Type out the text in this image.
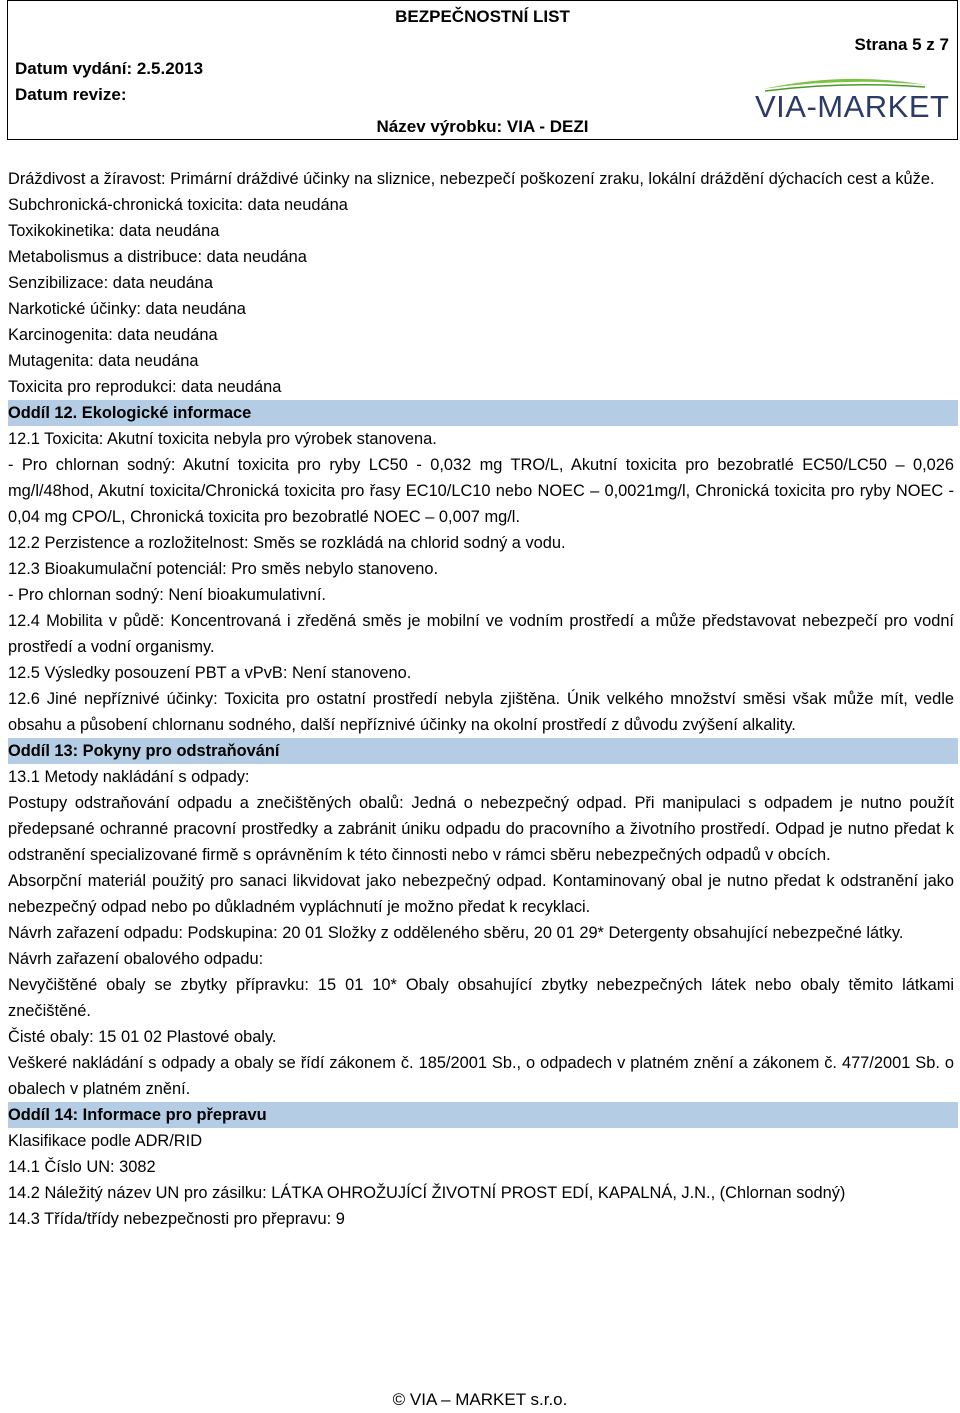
BEZPEČNOSTNÍ LIST
Strana 5 z 7
Datum vydání: 2.5.2013
Datum revize:
Název výrobku: VIA - DEZI
VIA-MARKET

Dráždivost a žíravost: Primární dráždivé účinky na sliznice, nebezpečí poškození zraku, lokální dráždění dýchacích cest a kůže.

Subchronická-chronická toxicita: data neudána

Toxikokinetika: data neudána

Metabolismus a distribuce: data neudána

Senzibilizace: data neudána

Narkotické účinky: data neudána

Karcinogenita: data neudána

Mutagenita: data neudána

Toxicita pro reprodukci: data neudána

Oddíl 12. Ekologické informace

12.1 Toxicita: Akutní toxicita nebyla pro výrobek stanovena.

- Pro chlornan sodný: Akutní toxicita pro ryby LC50 - 0,032 mg TRO/L, Akutní toxicita pro bezobratlé EC50/LC50 – 0,026 mg/l/48hod, Akutní toxicita/Chronická toxicita pro řasy EC10/LC10 nebo NOEC – 0,0021mg/l, Chronická toxicita pro ryby NOEC - 0,04 mg CPO/L, Chronická toxicita pro bezobratlé NOEC – 0,007 mg/l.

12.2 Perzistence a rozložitelnost: Směs se rozkládá na chlorid sodný a vodu.

12.3 Bioakumulační potenciál: Pro směs nebylo stanoveno.

- Pro chlornan sodný: Není bioakumulativní.

12.4 Mobilita v půdě: Koncentrovaná i zředěná směs je mobilní ve vodním prostředí a může představovat nebezpečí pro vodní prostředí a vodní organismy.

12.5 Výsledky posouzení PBT a vPvB: Není stanoveno.

12.6 Jiné nepříznivé účinky: Toxicita pro ostatní prostředí nebyla zjištěna. Únik velkého množství směsi však může mít, vedle obsahu a působení chlornanu sodného, další nepříznivé účinky na okolní prostředí z důvodu zvýšení alkality.

Oddíl 13: Pokyny pro odstraňování

13.1 Metody nakládání s odpady:

Postupy odstraňování odpadu a znečištěných obalů: Jedná o nebezpečný odpad. Při manipulaci s odpadem je nutno použít předepsané ochranné pracovní prostředky a zabránit úniku odpadu do pracovního a životního prostředí. Odpad je nutno předat k odstranění specializované firmě s oprávněním k této činnosti nebo v rámci sběru nebezpečných odpadů v obcích.

Absorpční materiál použitý pro sanaci likvidovat jako nebezpečný odpad. Kontaminovaný obal je nutno předat k odstranění jako nebezpečný odpad nebo po důkladném vypláchnutí je možno předat k recyklaci.

Návrh zařazení odpadu: Podskupina: 20 01 Složky z odděleného sběru, 20 01 29* Detergenty obsahující nebezpečné látky.

Návrh zařazení obalového odpadu:

Nevyčištěné obaly se zbytky přípravku: 15 01 10* Obaly obsahující zbytky nebezpečných látek nebo obaly těmito látkami znečištěné.

Čisté obaly: 15 01 02 Plastové obaly.

Veškeré nakládání s odpady a obaly se řídí zákonem č. 185/2001 Sb., o odpadech v platném znění a zákonem č. 477/2001 Sb. o obalech v platném znění.

Oddíl 14: Informace pro přepravu

Klasifikace podle ADR/RID

14.1 Číslo UN: 3082

14.2 Náležitý název UN pro zásilku: LÁTKA OHROŽUJÍCÍ ŽIVOTNÍ PROST EDÍ, KAPALNÁ, J.N., (Chlornan sodný)

14.3 Třída/třídy nebezpečnosti pro přepravu: 9

© VIA – MARKET s.r.o.
